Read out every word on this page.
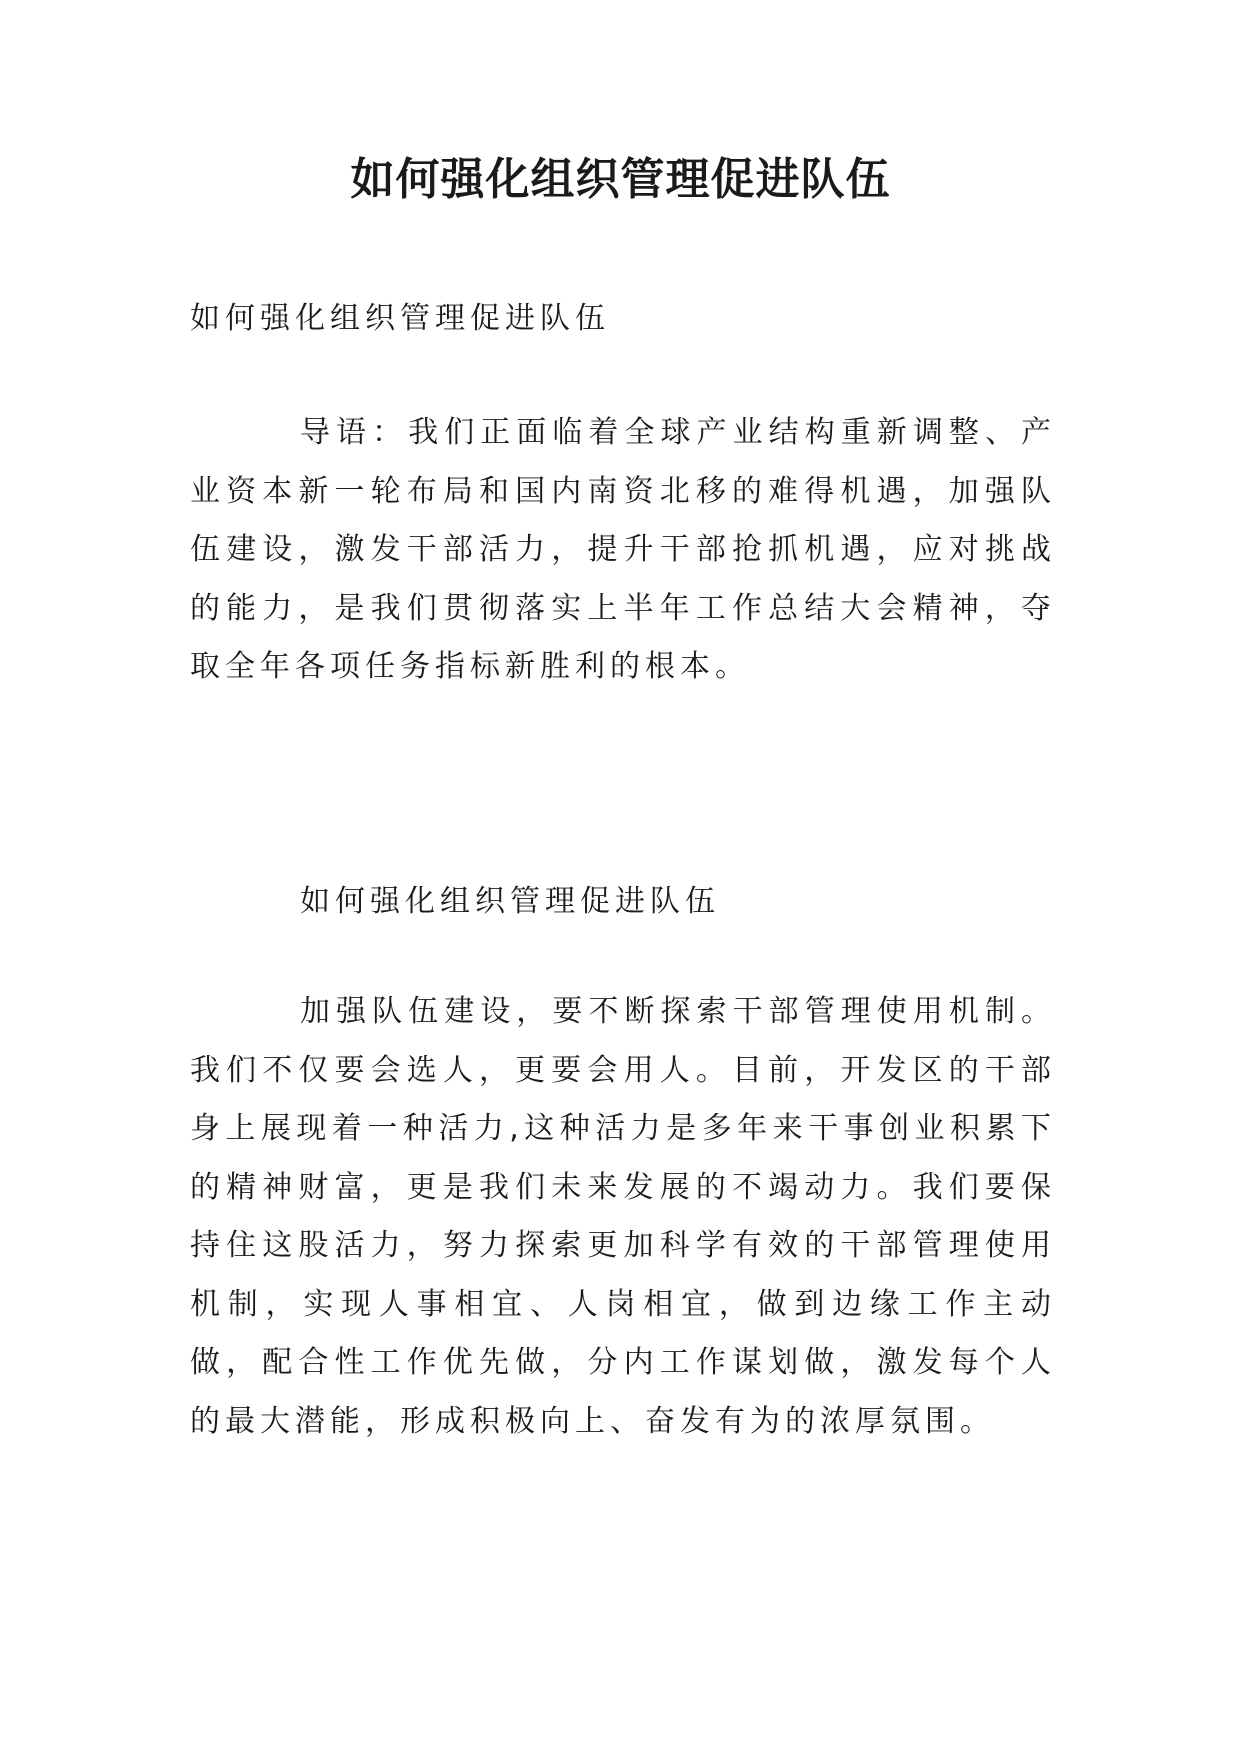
如何强化组织管理促进队伍

如何强化组织管理促进队伍

导语：我们正面临着全球产业结构重新调整、产业资本新一轮布局和国内南资北移的难得机遇，加强队伍建设，激发干部活力，提升干部抢抓机遇，应对挑战的能力，是我们贯彻落实上半年工作总结大会精神，夺取全年各项任务指标新胜利的根本。

如何强化组织管理促进队伍

加强队伍建设，要不断探索干部管理使用机制。我们不仅要会选人，更要会用人。目前，开发区的干部身上展现着一种活力,这种活力是多年来干事创业积累下的精神财富，更是我们未来发展的不竭动力。我们要保持住这股活力，努力探索更加科学有效的干部管理使用机制，实现人事相宜、人岗相宜，做到边缘工作主动做，配合性工作优先做，分内工作谋划做，激发每个人的最大潜能，形成积极向上、奋发有为的浓厚氛围。
